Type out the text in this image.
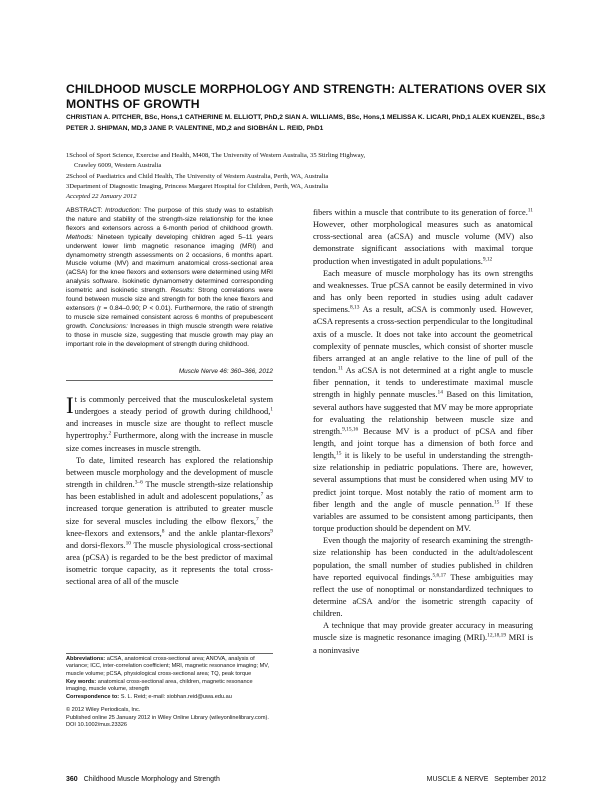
CHILDHOOD MUSCLE MORPHOLOGY AND STRENGTH: ALTERATIONS OVER SIX MONTHS OF GROWTH
CHRISTIAN A. PITCHER, BSc, Hons,1 CATHERINE M. ELLIOTT, PhD,2 SIAN A. WILLIAMS, BSc, Hons,1 MELISSA K. LICARI, PhD,1 ALEX KUENZEL, BSc,3 PETER J. SHIPMAN, MD,3 JANE P. VALENTINE, MD,2 and SIOBHÁN L. REID, PhD1
1School of Sport Science, Exercise and Health, M408, The University of Western Australia, 35 Stirling Highway,
Crawley 6009, Western Australia
2School of Paediatrics and Child Health, The University of Western Australia, Perth, WA, Australia
3Department of Diagnostic Imaging, Princess Margaret Hospital for Children, Perth, WA, Australia
Accepted 22 January 2012
ABSTRACT: Introduction: The purpose of this study was to establish the nature and stability of the strength-size relationship for the knee flexors and extensors across a 6-month period of childhood growth. Methods: Nineteen typically developing children aged 5–11 years underwent lower limb magnetic resonance imaging (MRI) and dynamometry strength assessments on 2 occasions, 6 months apart. Muscle volume (MV) and maximum anatomical cross-sectional area (aCSA) for the knee flexors and extensors were determined using MRI analysis software. Isokinetic dynamometry determined corresponding isometric and isokinetic strength. Results: Strong correlations were found between muscle size and strength for both the knee flexors and extensors (r = 0.84–0.90; P < 0.01). Furthermore, the ratio of strength to muscle size remained consistent across 6 months of prepubescent growth. Conclusions: Increases in thigh muscle strength were relative to those in muscle size, suggesting that muscle growth may play an important role in the development of strength during childhood.
Muscle Nerve 46: 360–366, 2012

It is commonly perceived that the musculoskeletal system undergoes a steady period of growth during childhood,$^1$ and increases in muscle size are thought to reflect muscle hypertrophy.$^2$ Furthermore, along with the increase in muscle size comes increases in muscle strength.

To date, limited research has explored the relationship between muscle morphology and the development of muscle strength in children.$^{3-6}$ The muscle strength-size relationship has been established in adult and adolescent populations,$^7$ as increased torque generation is attributed to greater muscle size for several muscles including the elbow flexors,$^7$ the knee-flexors and extensors,$^8$ and the ankle plantar-flexors$^9$ and dorsi-flexors.$^{10}$ The muscle physiological cross-sectional area (pCSA) is regarded to be the best predictor of maximal isometric torque capacity, as it represents the total cross-sectional area of all of the muscle

Abbreviations: aCSA, anatomical cross-sectional area; ANOVA, analysis of variance; ICC, inter-correlation coefficient; MRI, magnetic resonance imaging; MV, muscle volume; pCSA, physiological cross-sectional area; TQ, peak torque

Key words: anatomical cross-sectional area, children, magnetic resonance imaging, muscle volume, strength

Correspondence to: S. L. Reid; e-mail: siobhan.reid@uwa.edu.au

© 2012 Wiley Periodicals, Inc.

Published online 25 January 2012 in Wiley Online Library (wileyonlinelibrary.com). DOI 10.1002/mus.23326

fibers within a muscle that contribute to its generation of force.$^{11}$ However, other morphological measures such as anatomical cross-sectional area (aCSA) and muscle volume (MV) also demonstrate significant associations with maximal torque production when investigated in adult populations.$^{9,12}$

Each measure of muscle morphology has its own strengths and weaknesses. True pCSA cannot be easily determined in vivo and has only been reported in studies using adult cadaver specimens.$^{8,13}$ As a result, aCSA is commonly used. However, aCSA represents a cross-section perpendicular to the longitudinal axis of a muscle. It does not take into account the geometrical complexity of pennate muscles, which consist of shorter muscle fibers arranged at an angle relative to the line of pull of the tendon.$^{11}$ As aCSA is not determined at a right angle to muscle fiber pennation, it tends to underestimate maximal muscle strength in highly pennate muscles.$^{14}$ Based on this limitation, several authors have suggested that MV may be more appropriate for evaluating the relationship between muscle size and strength.$^{9,15,16}$ Because MV is a product of pCSA and fiber length, and joint torque has a dimension of both force and length,$^{15}$ it is likely to be useful in understanding the strength-size relationship in pediatric populations. There are, however, several assumptions that must be considered when using MV to predict joint torque. Most notably the ratio of moment arm to fiber length and the angle of muscle pennation.$^{15}$ If these variables are assumed to be consistent among participants, then torque production should be dependent on MV.

Even though the majority of research examining the strength-size relationship has been conducted in the adult/adolescent population, the small number of studies published in children have reported equivocal findings.$^{5,6,17}$ These ambiguities may reflect the use of nonoptimal or nonstandardized techniques to determine aCSA and/or the isometric strength capacity of children.

A technique that may provide greater accuracy in measuring muscle size is magnetic resonance imaging (MRI).$^{12,18,19}$ MRI is a noninvasive

360 Childhood Muscle Morphology and Strength	MUSCLE & NERVE September 2012
